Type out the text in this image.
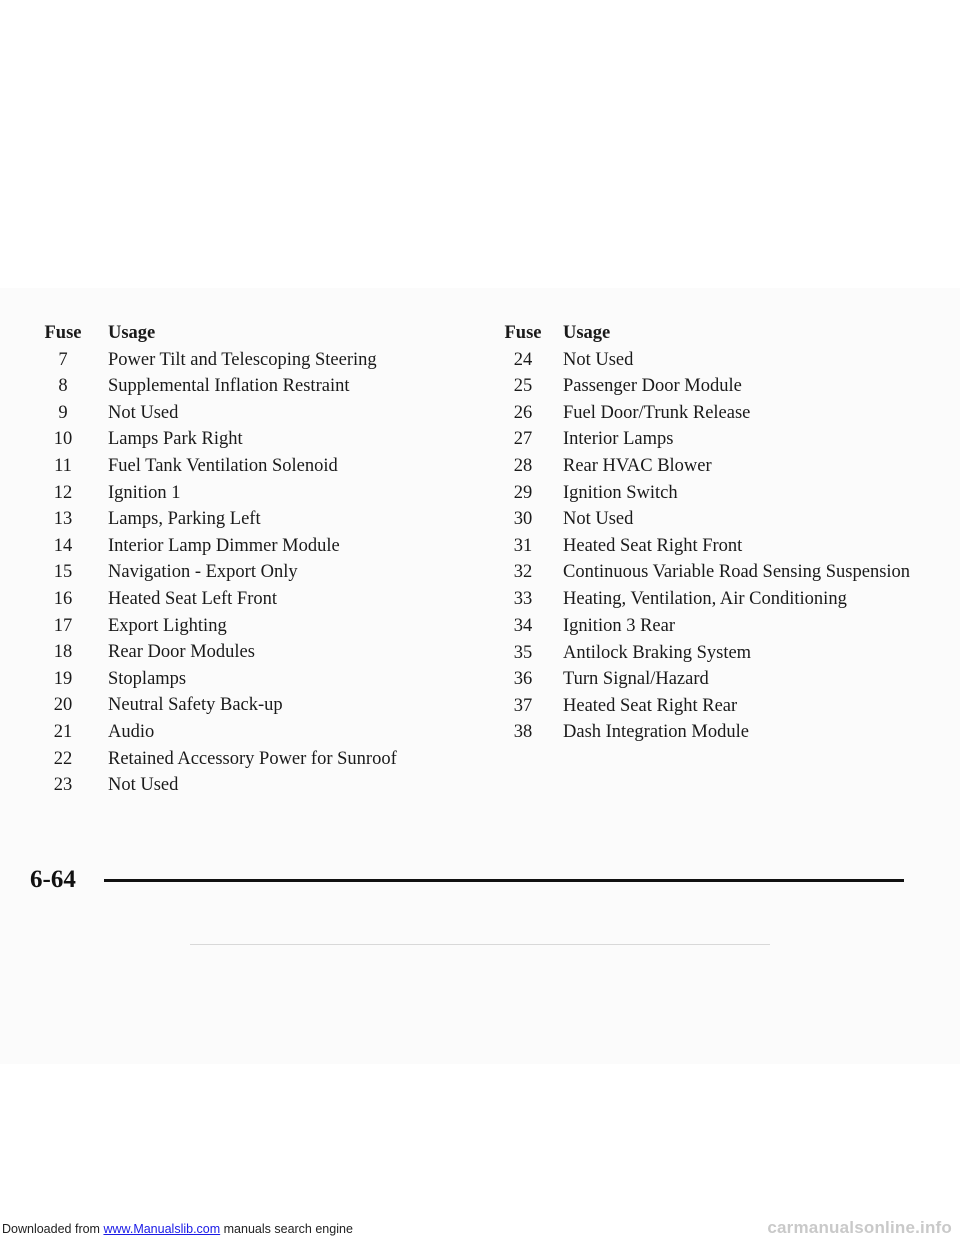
Fuse	Usage
7	Power Tilt and Telescoping Steering
8	Supplemental Inflation Restraint
9	Not Used
10	Lamps Park Right
11	Fuel Tank Ventilation Solenoid
12	Ignition 1
13	Lamps, Parking Left
14	Interior Lamp Dimmer Module
15	Navigation - Export Only
16	Heated Seat Left Front
17	Export Lighting
18	Rear Door Modules
19	Stoplamps
20	Neutral Safety Back-up
21	Audio
22	Retained Accessory Power for Sunroof
23	Not Used
Fuse	Usage
24	Not Used
25	Passenger Door Module
26	Fuel Door/Trunk Release
27	Interior Lamps
28	Rear HVAC Blower
29	Ignition Switch
30	Not Used
31	Heated Seat Right Front
32	Continuous Variable Road Sensing Suspension
33	Heating, Ventilation, Air Conditioning
34	Ignition 3 Rear
35	Antilock Braking System
36	Turn Signal/Hazard
37	Heated Seat Right Rear
38	Dash Integration Module
6-64
Downloaded from www.Manualslib.com manuals search engine	carmanualsonline.info
